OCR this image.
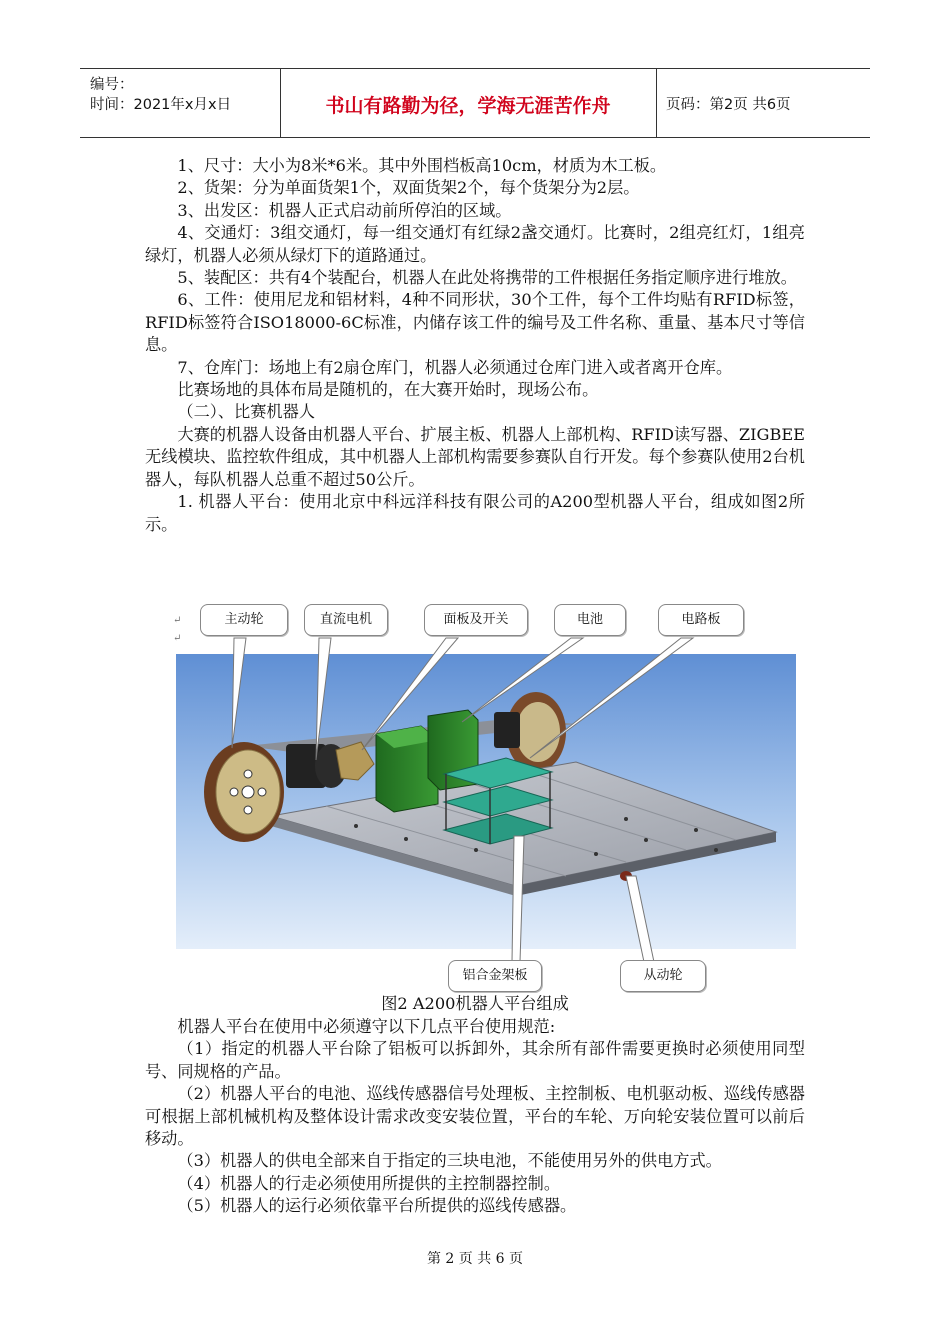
编号：
时间：2021年x月x日	书山有路勤为径，学海无涯苦作舟	页码：第2页 共6页

1、尺寸：大小为8米*6米。其中外围档板高10cm，材质为木工板。

2、货架：分为单面货架1个，双面货架2个，每个货架分为2层。

3、出发区：机器人正式启动前所停泊的区域。

4、交通灯：3组交通灯，每一组交通灯有红绿2盏交通灯。比赛时，2组亮红灯，1组亮绿灯，机器人必须从绿灯下的道路通过。

5、装配区：共有4个装配台，机器人在此处将携带的工件根据任务指定顺序进行堆放。

6、工件：使用尼龙和铝材料，4种不同形状，30个工件，每个工件均贴有RFID标签，RFID标签符合ISO18000-6C标准，内储存该工件的编号及工件名称、重量、基本尺寸等信息。

7、仓库门：场地上有2扇仓库门，机器人必须通过仓库门进入或者离开仓库。

比赛场地的具体布局是随机的，在大赛开始时，现场公布。

（二）、比赛机器人

大赛的机器人设备由机器人平台、扩展主板、机器人上部机构、RFID读写器、ZIGBEE无线模块、监控软件组成，其中机器人上部机构需要参赛队自行开发。每个参赛队使用2台机器人，每队机器人总重不超过50公斤。

1. 机器人平台：使用北京中科远洋科技有限公司的A200型机器人平台，组成如图2所示。

↵
↵
主动轮	直流电机	面板及开关	电池	电路板
铝合金架板	从动轮
图2 A200机器人平台组成

机器人平台在使用中必须遵守以下几点平台使用规范:

（1）指定的机器人平台除了铝板可以拆卸外，其余所有部件需要更换时必须使用同型号、同规格的产品。

（2）机器人平台的电池、巡线传感器信号处理板、主控制板、电机驱动板、巡线传感器可根据上部机械机构及整体设计需求改变安装位置，平台的车轮、万向轮安装位置可以前后移动。

（3）机器人的供电全部来自于指定的三块电池，不能使用另外的供电方式。

（4）机器人的行走必须使用所提供的主控制器控制。

（5）机器人的运行必须依靠平台所提供的巡线传感器。

第 2 页 共 6 页
